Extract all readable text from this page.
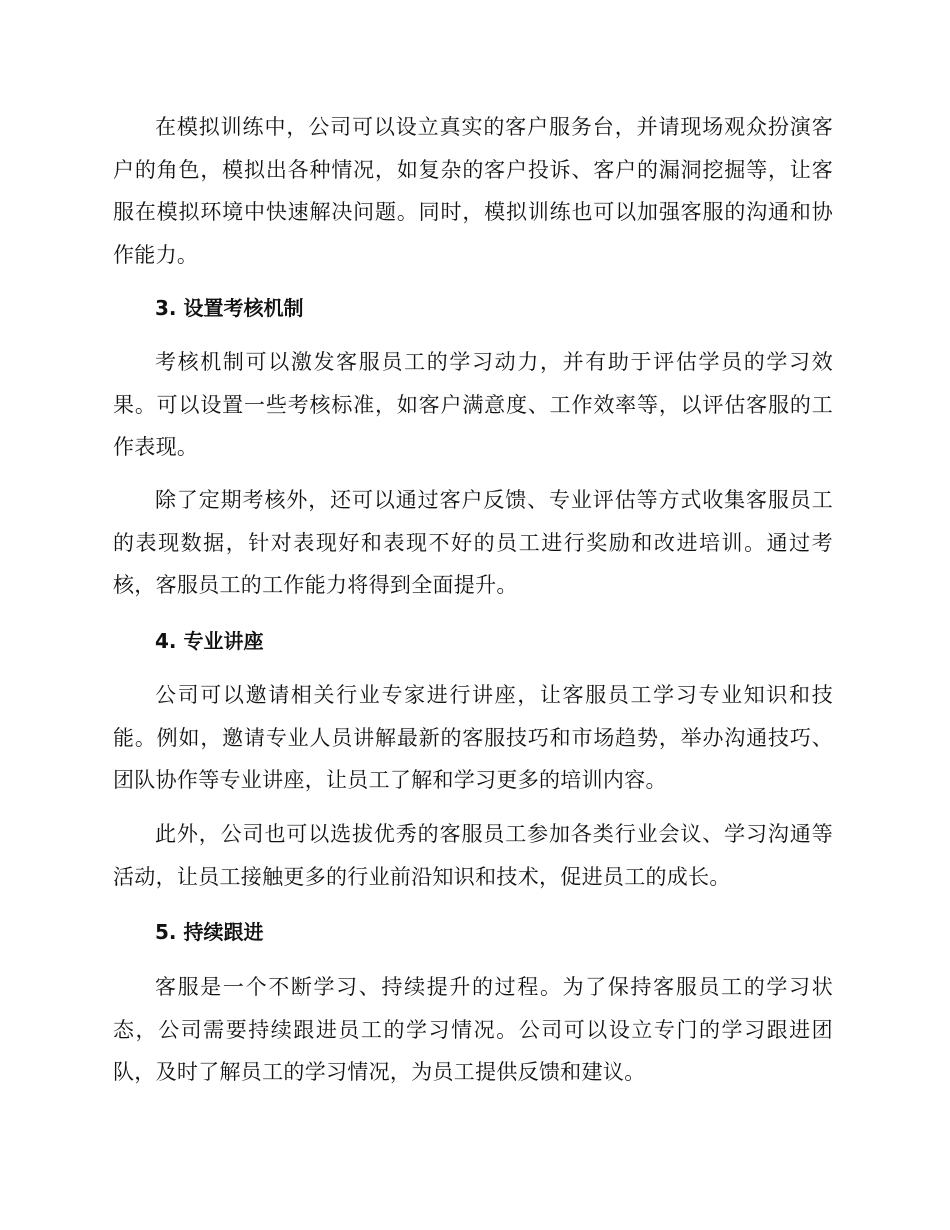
在模拟训练中，公司可以设立真实的客户服务台，并请现场观众扮演客户的角色，模拟出各种情况，如复杂的客户投诉、客户的漏洞挖掘等，让客服在模拟环境中快速解决问题。同时，模拟训练也可以加强客服的沟通和协作能力。

3. 设置考核机制

考核机制可以激发客服员工的学习动力，并有助于评估学员的学习效果。可以设置一些考核标准，如客户满意度、工作效率等，以评估客服的工作表现。

除了定期考核外，还可以通过客户反馈、专业评估等方式收集客服员工的表现数据，针对表现好和表现不好的员工进行奖励和改进培训。通过考核，客服员工的工作能力将得到全面提升。

4. 专业讲座

公司可以邀请相关行业专家进行讲座，让客服员工学习专业知识和技能。例如，邀请专业人员讲解最新的客服技巧和市场趋势，举办沟通技巧、团队协作等专业讲座，让员工了解和学习更多的培训内容。

此外，公司也可以选拔优秀的客服员工参加各类行业会议、学习沟通等活动，让员工接触更多的行业前沿知识和技术，促进员工的成长。

5. 持续跟进

客服是一个不断学习、持续提升的过程。为了保持客服员工的学习状态，公司需要持续跟进员工的学习情况。公司可以设立专门的学习跟进团队，及时了解员工的学习情况，为员工提供反馈和建议。
